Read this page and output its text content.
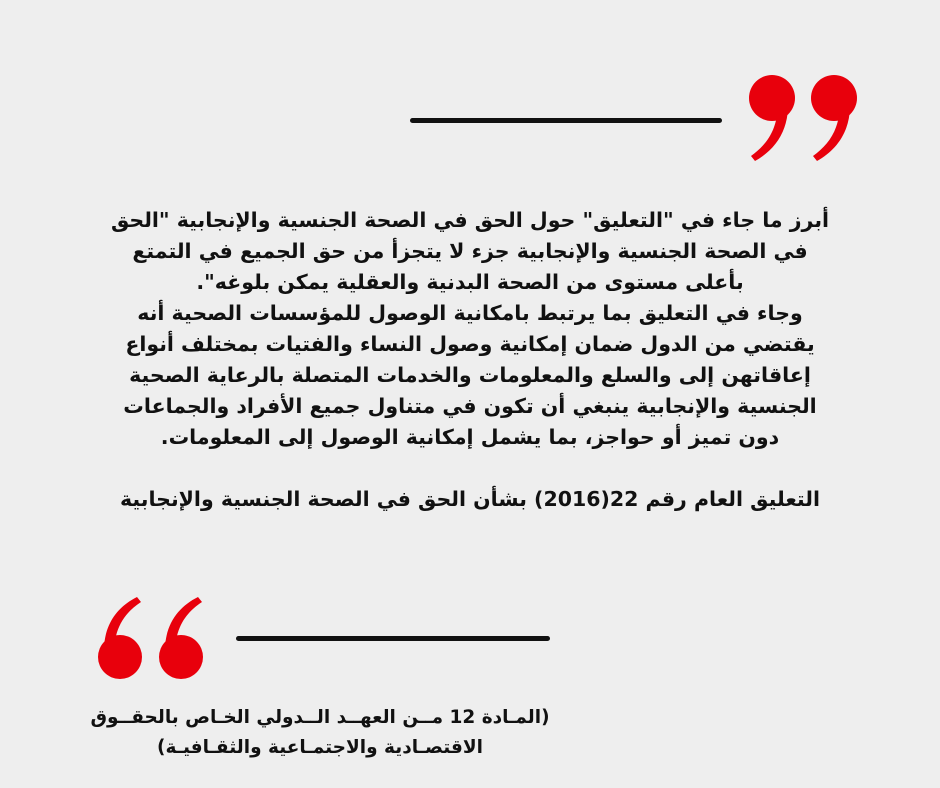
أبرز ما جاء في "التعليق" حول الحق في الصحة الجنسية والإنجابية "الحق
في الصحة الجنسية والإنجابية جزء لا يتجزأ من حق الجميع في التمتع
بأعلى مستوى من الصحة البدنية والعقلية يمكن بلوغه".
وجاء في التعليق بما يرتبط بامكانية الوصول للمؤسسات الصحية أنه
يقتضي من الدول ضمان إمكانية وصول النساء والفتيات بمختلف أنواع
إعاقاتهن إلى والسلع والمعلومات والخدمات المتصلة بالرعاية الصحية
الجنسية والإنجابية ينبغي أن تكون في متناول جميع الأفراد والجماعات
دون تميز أو حواجز، بما يشمل إمكانية الوصول إلى المعلومات.
التعليق العام رقم 22(2016) بشأن الحق في الصحة الجنسية والإنجابية
(المـادة 12 مــن العهــد الــدولي الخـاص بالحقــوق
الاقتصـادية والاجتمـاعية والثقـافيـة)
